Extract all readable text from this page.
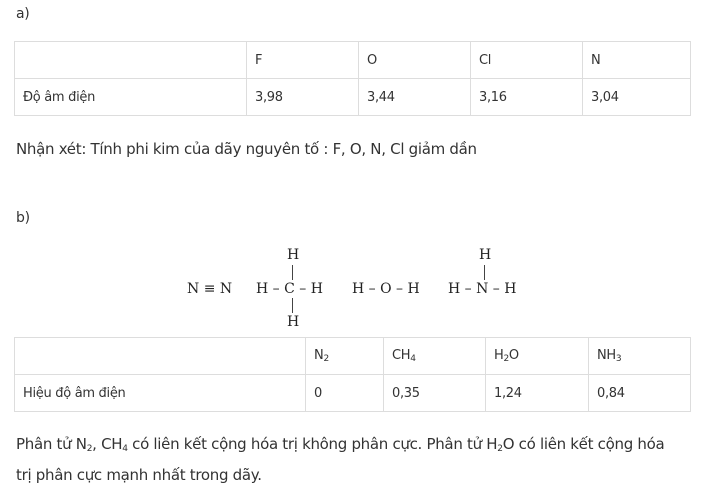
a)
	F	O	Cl	N
Độ âm điện	3,98	3,44	3,16	3,04
Nhận xét: Tính phi kim của dãy nguyên tố : F, O, N, Cl giảm dần
b)
N ≡ N
H
H – C – H
H
H – O – H
H
H – N – H
	$N_2$	$CH_4$	$H_2O$	$NH_3$
Hiệu độ âm điện	0	0,35	1,24	0,84
Phân tử $N_2$, $CH_4$ có liên kết cộng hóa trị không phân cực. Phân tử $H_2O$ có liên kết cộng hóa
trị phân cực mạnh nhất trong dãy.
